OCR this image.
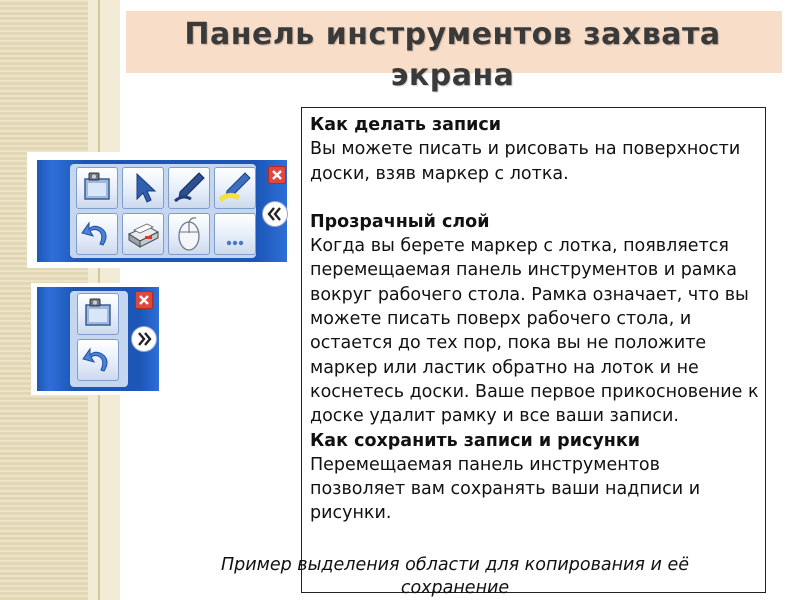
Панель инструментов захвата
экрана

Как делать записи

Вы можете писать и рисовать на поверхности доски, взяв маркер с лотка.

Прозрачный слой

Когда вы берете маркер с лотка, появляется перемещаемая панель инструментов и рамка вокруг рабочего стола. Рамка означает, что вы можете писать поверх рабочего стола, и остается до тех пор, пока вы не положите маркер или ластик обратно на лоток и не коснетесь доски. Ваше первое прикосновение к доске удалит рамку и все ваши записи.

Как сохранить записи и рисунки

Перемещаемая панель инструментов позволяет вам сохранять ваши надписи и рисунки.

Пример выделения области для копирования и её
сохранение
